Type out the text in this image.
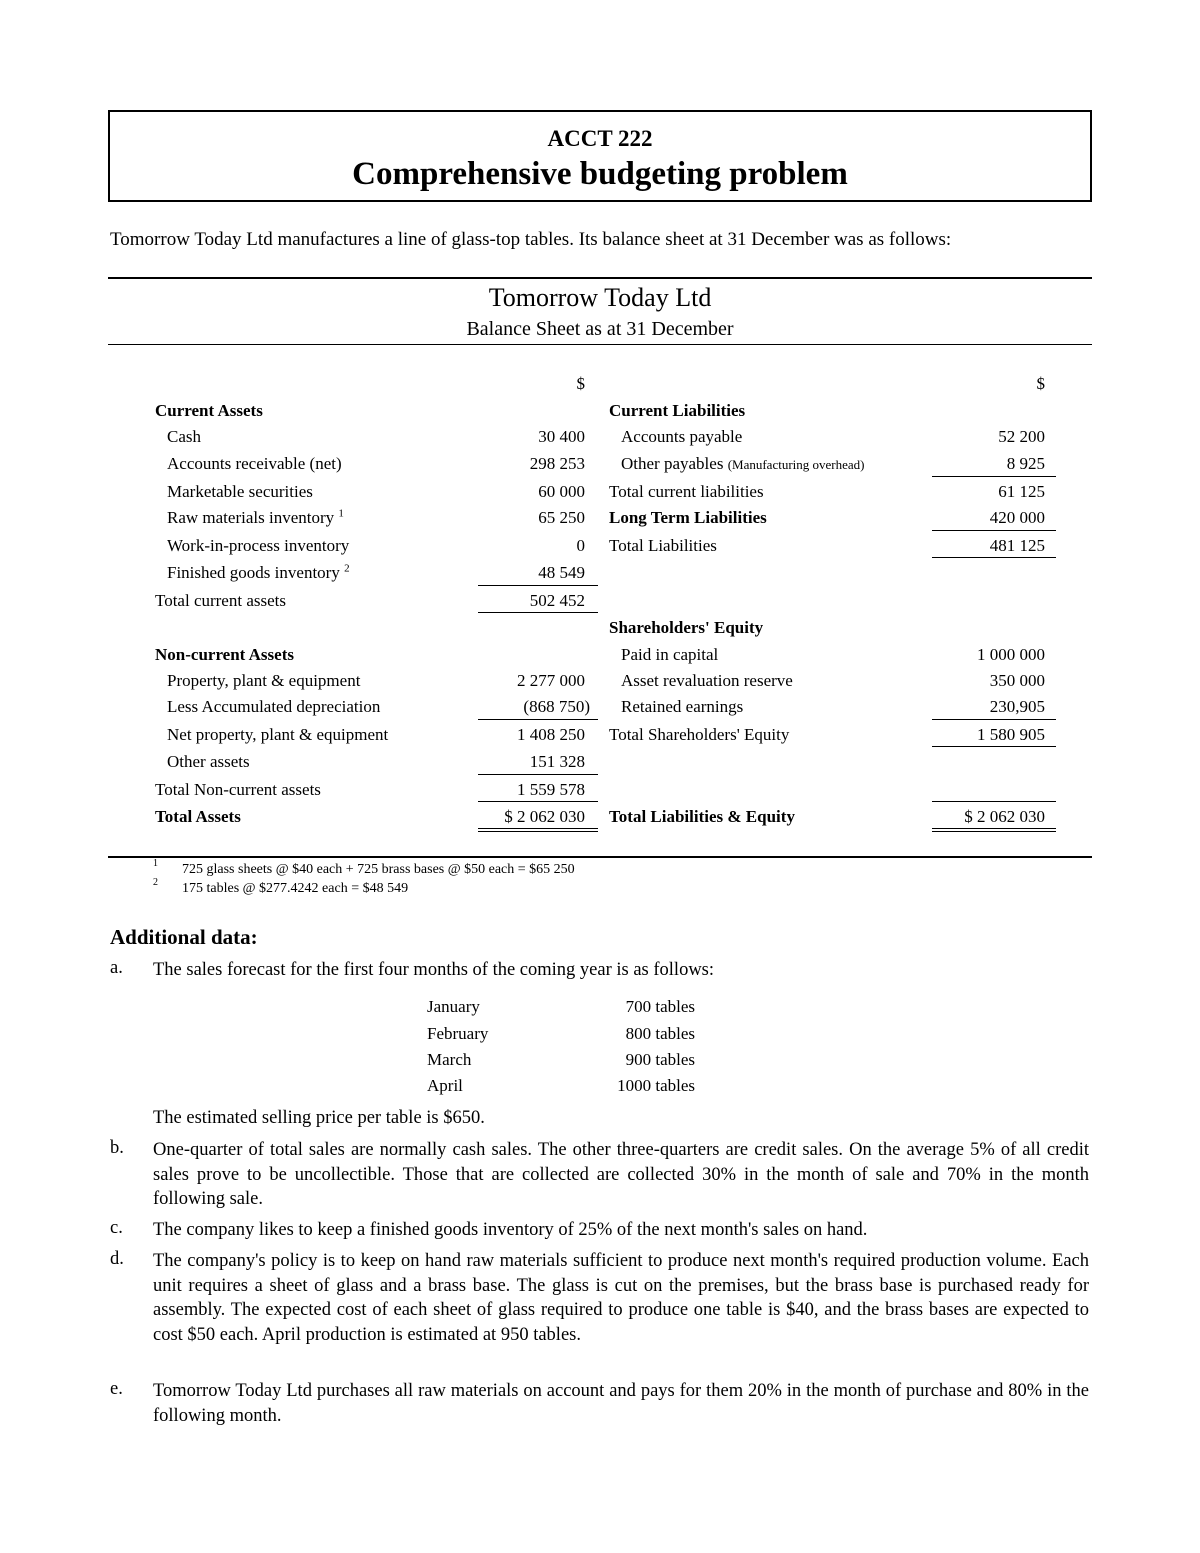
ACCT 222
Comprehensive budgeting problem
Tomorrow Today Ltd manufactures a line of glass-top tables. Its balance sheet at 31 December was as follows:
Tomorrow Today Ltd
Balance Sheet as at 31 December
$	$
Current Assets
Cash	30 400
Accounts receivable (net)	298 253
Marketable securities	60 000
Raw materials inventory $^1$	65 250
Work-in-process inventory	0
Finished goods inventory $^2$	48 549
Total current assets	502 452
Non-current Assets
Property, plant & equipment	2 277 000
Less Accumulated depreciation	(868 750)
Net property, plant & equipment	1 408 250
Other assets	151 328
Total Non-current assets	1 559 578
Total Assets	$ 2 062 030
Current Liabilities
Accounts payable	52 200
Other payables (Manufacturing overhead)	8 925
Total current liabilities	61 125
Long Term Liabilities	420 000
Total Liabilities	481 125
Shareholders' Equity
Paid in capital	1 000 000
Asset revaluation reserve	350 000
Retained earnings	230,905
Total Shareholders' Equity	1 580 905
Total Liabilities & Equity	$ 2 062 030
1 725 glass sheets @ $40 each + 725 brass bases @ $50 each = $65 250
2 175 tables @ $277.4242 each = $48 549
Additional data:
a. The sales forecast for the first four months of the coming year is as follows:
January	700 tables
February	800 tables
March	900 tables
April	1000 tables
The estimated selling price per table is $650.
b. One-quarter of total sales are normally cash sales. The other three-quarters are credit sales. On the average 5% of all credit sales prove to be uncollectible. Those that are collected are collected 30% in the month of sale and 70% in the month following sale.
c. The company likes to keep a finished goods inventory of 25% of the next month's sales on hand.
d. The company's policy is to keep on hand raw materials sufficient to produce next month's required production volume. Each unit requires a sheet of glass and a brass base. The glass is cut on the premises, but the brass base is purchased ready for assembly. The expected cost of each sheet of glass required to produce one table is $40, and the brass bases are expected to cost $50 each. April production is estimated at 950 tables.
e. Tomorrow Today Ltd purchases all raw materials on account and pays for them 20% in the month of purchase and 80% in the following month.
